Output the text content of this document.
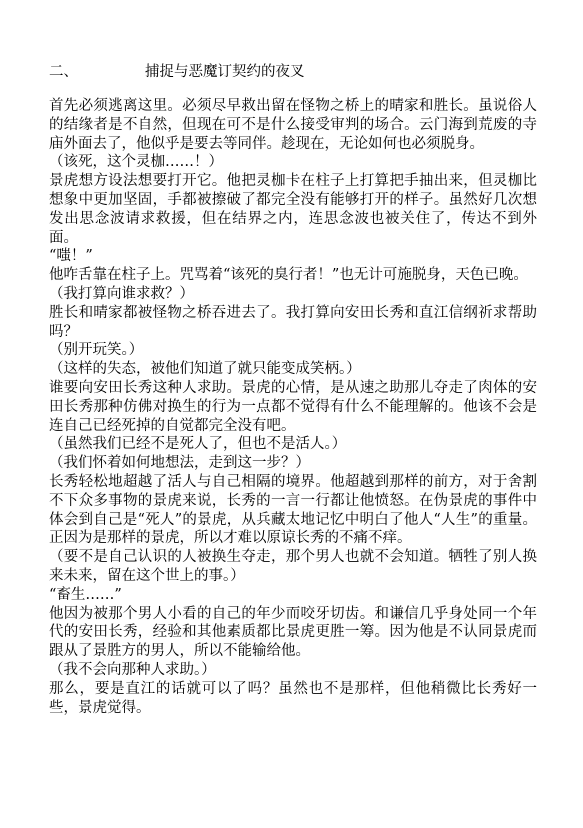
二、	捕捉与恶魔订契约的夜叉

首先必须逃离这里。必须尽早救出留在怪物之桥上的晴家和胜长。虽说俗人的结缘者是不自然，但现在可不是什么接受审判的场合。云门海到荒废的寺庙外面去了，他似乎是要去等同伴。趁现在，无论如何也必须脱身。

（该死，这个灵枷……！）

景虎想方设法想要打开它。他把灵枷卡在柱子上打算把手抽出来，但灵枷比想象中更加坚固，手都被擦破了都完全没有能够打开的样子。虽然好几次想发出思念波请求救援，但在结界之内，连思念波也被关住了，传达不到外面。

“嗤！”

他咋舌靠在柱子上。咒骂着“该死的臭行者！”也无计可施脱身，天色已晚。

（我打算向谁求救？）

胜长和晴家都被怪物之桥吞进去了。我打算向安田长秀和直江信纲祈求帮助吗？

（别开玩笑。）

（这样的失态，被他们知道了就只能变成笑柄。）

谁要向安田长秀这种人求助。景虎的心情，是从速之助那儿夺走了肉体的安田长秀那种仿佛对换生的行为一点都不觉得有什么不能理解的。他该不会是连自己已经死掉的自觉都完全没有吧。

（虽然我们已经不是死人了，但也不是活人。）

（我们怀着如何地想法，走到这一步？）

长秀轻松地超越了活人与自己相隔的境界。他超越到那样的前方，对于舍割不下众多事物的景虎来说，长秀的一言一行都让他愤怒。在伪景虎的事件中体会到自己是“死人”的景虎，从兵藏太地记忆中明白了他人“人生”的重量。正因为是那样的景虎，所以才难以原谅长秀的不痛不痒。

（要不是自己认识的人被换生夺走，那个男人也就不会知道。牺牲了别人换来未来，留在这个世上的事。）

“畜生……”

他因为被那个男人小看的自己的年少而咬牙切齿。和谦信几乎身处同一个年代的安田长秀，经验和其他素质都比景虎更胜一筹。因为他是不认同景虎而跟从了景胜方的男人，所以不能输给他。

（我不会向那种人求助。）

那么，要是直江的话就可以了吗？虽然也不是那样，但他稍微比长秀好一些，景虎觉得。
